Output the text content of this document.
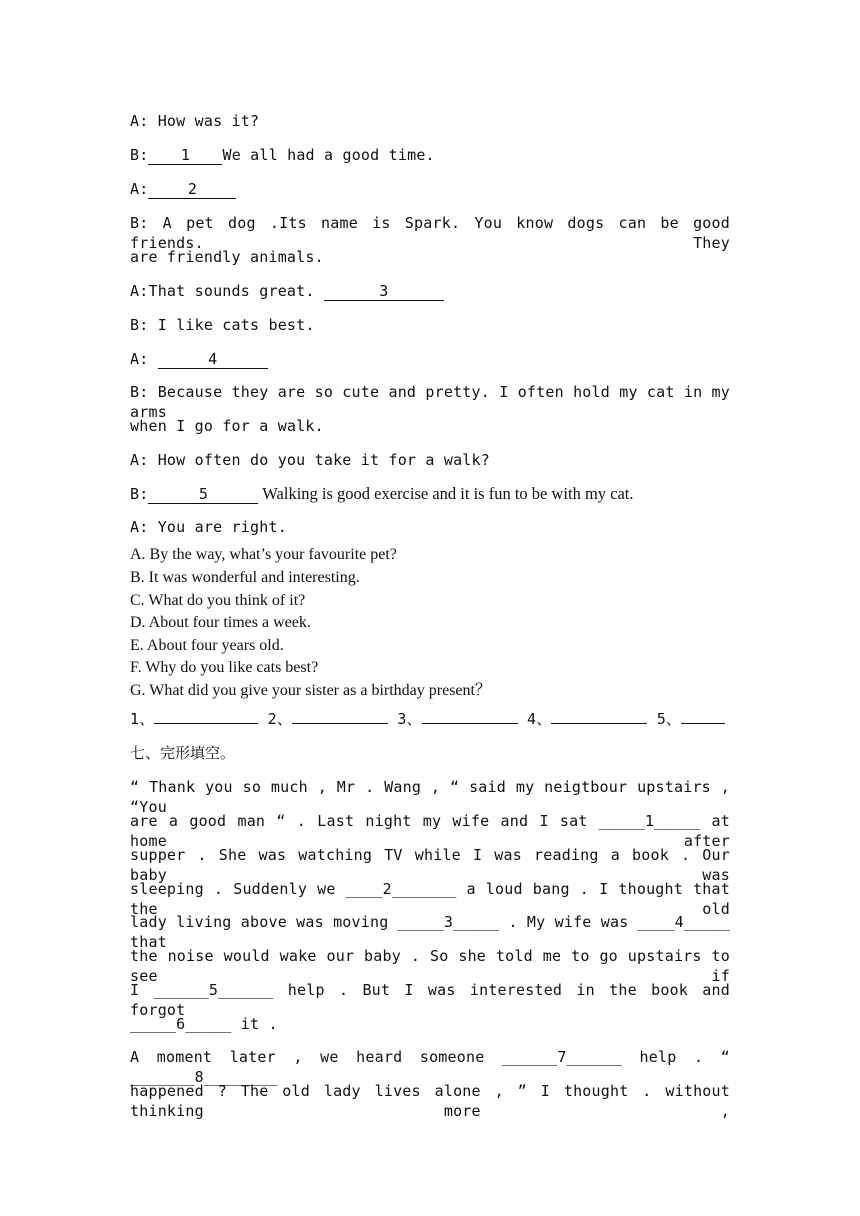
A: How was it?
B: 1 We all had a good time.
A:	2
B: A pet dog .Its name is Spark. You know dogs can be good friends. They
are friendly animals.
A:That sounds great.	3
B: I like cats best.
A:	4
B: Because they are so cute and pretty. I often hold my cat in my arms
when I go for a walk.
A: How often do you take it for a walk?
B:	5	Walking is good exercise and it is fun to be with my cat.
A: You are right.
A. By the way, what’s your favourite pet?
B. It was wonderful and interesting.
C. What do you think of it?
D. About four times a week.
E. About four years old.
F. Why do you like cats best?
G. What did you give your sister as a birthday present？
1、	2、	3、	4、	5、
七、完形填空。
“ Thank you so much , Mr . Wang , “ said my neigtbour upstairs , “You
are a good man “ . Last night my wife and I sat _____1_____ at home after
supper . She was watching TV while I was reading a book . Our baby was
sleeping . Suddenly we ____2_______ a loud bang . I thought that the old
lady living above was moving _____3_____ . My wife was ____4_____ that
the noise would wake our baby . So she told me to go upstairs to see if
I ______5______ help . But I was interested in the book and forgot
_____6_____ it .
A moment later , we heard someone ______7______ help . “ _______8________
happened ? The old lady lives alone , ” I thought . without thinking more ,
